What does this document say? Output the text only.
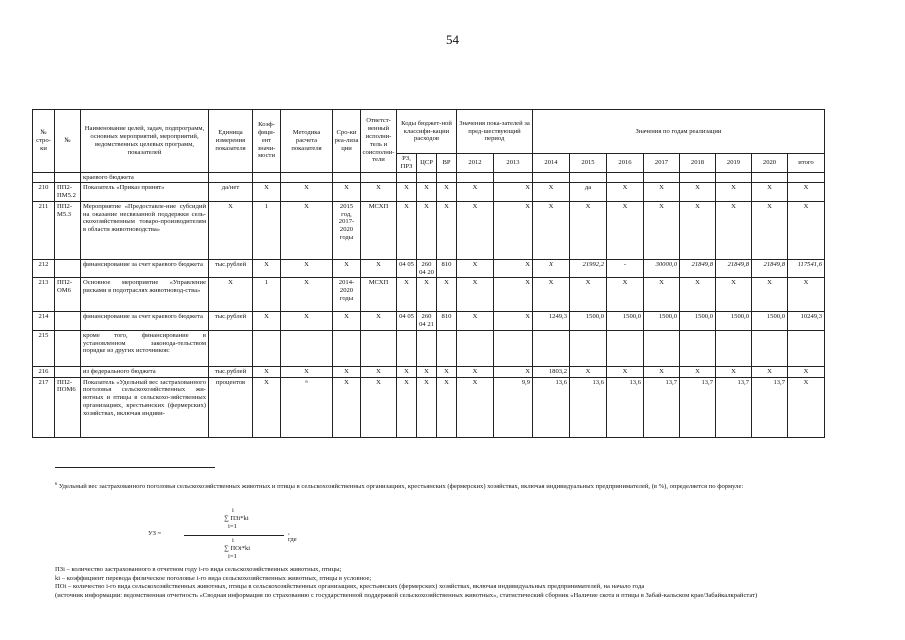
54
№ стро-ки	№	Наименование целей, задач, подпрограмм, основных мероприятий, мероприятий, ведомственных целевых программ, показателей	Единица измерения показателя	Коэф-фици-ент значи-мости	Методика расчета показателя	Сро-ки реа-лиза ции	Ответст-венный исполни-тель и соисполни-тели	Коды бюджет-ной классифи-кации расходов			Значения пока-зателей за пред-шествующий период		Значения по годам реализации							
								РЗ, ПРЗ	ЦСР	ВР	2012	2013	2014	2015	2016	2017	2018	2019	2020	итого
		краевого бюджета																		
210	ПП2-ПМ5.2	Показатель «Приказ принят»	да/нет	Х	Х	Х	Х	Х	Х	Х	Х	Х	Х	да	Х	Х	Х	Х	Х	Х
211	ПП2-М5.3	Мероприятие «Предоставле-ние субсидий на оказание несвязанной поддержки сель-скохозяйственным товаро-производителям в области животноводства»	Х	1	Х	2015 год, 2017-2020 годы	МСХП	Х	Х	Х	Х	Х	Х	Х	Х	Х	Х	Х	Х	Х
212		финансирование за счет краевого бюджета	тыс.рублей	Х	Х	Х	Х	04 05	260 04 20	810	Х	Х	Х	21992,2	-	30000,0	21849,8	21849,8	21849,8	117541,6
213	ПП2-ОМ6	Основное мероприятие «Управление рисками в подотраслях животновод-ства»	Х	1	Х	2014-2020 годы	МСХП	Х	Х	Х	Х	Х	Х	Х	Х	Х	Х	Х	Х	Х
214		финансирование за счет краевого бюджета	тыс.рублей	Х	Х	Х	Х	04 05	260 04 21	810	Х	Х	1249,3	1500,0	1500,0	1500,0	1500,0	1500,0	1500,0	10249,3
215		кроме того, финансирование в установленном законода-тельством порядке из других источников:																		
216		из федерального бюджета	тыс.рублей	Х	Х	Х	Х	Х	Х	Х	Х	Х	1803,2	Х	Х	Х	Х	Х	Х	Х
217	ПП2-ПОМ6	Показатель «Удельный вес застрахованного поголовья сельскохозяйственных жи-вотных и птицы в сельскохо-зяйственных организациях, крестьянских (фермерских) хозяйствах, включая индиви-	процентов	Х	$^6$	Х	Х	Х	Х	Х	Х	9,9	13,6	13,6	13,6	13,7	13,7	13,7	13,7	Х
$^6$ Удельный вес застрахованного поголовья сельскохозяйственных животных и птицы в сельскохозяйственных организациях, крестьянских (фермерских) хозяйствах, включая индивидуальных предпринимателей, (в %), определяется по формуле:
УЗ =
i
∑ ПЗi*ki
i=1
i
∑ ПОi*ki
i=1
, где
ПЗi – количество застрахованного в отчетном году i-го вида сельскохозяйственных животных, птицы;
ki – коэффициент перевода физическое поголовье i-го вида сельскохозяйственных животных, птицы в условное;
ПОi – количество i-го вида сельскохозяйственных животных, птицы в сельскохозяйственных организациях, крестьянских (фермерских) хозяйствах, включая индивидуальных предпринимателей, на начало года
(источник информации: ведомственная отчетность «Сводная информация по страхованию с государственной поддержкой сельскохозяйственных животных», статистический сборник «Наличие скота и птицы в Забай-кальском крае/Забайкалкрайстат)
